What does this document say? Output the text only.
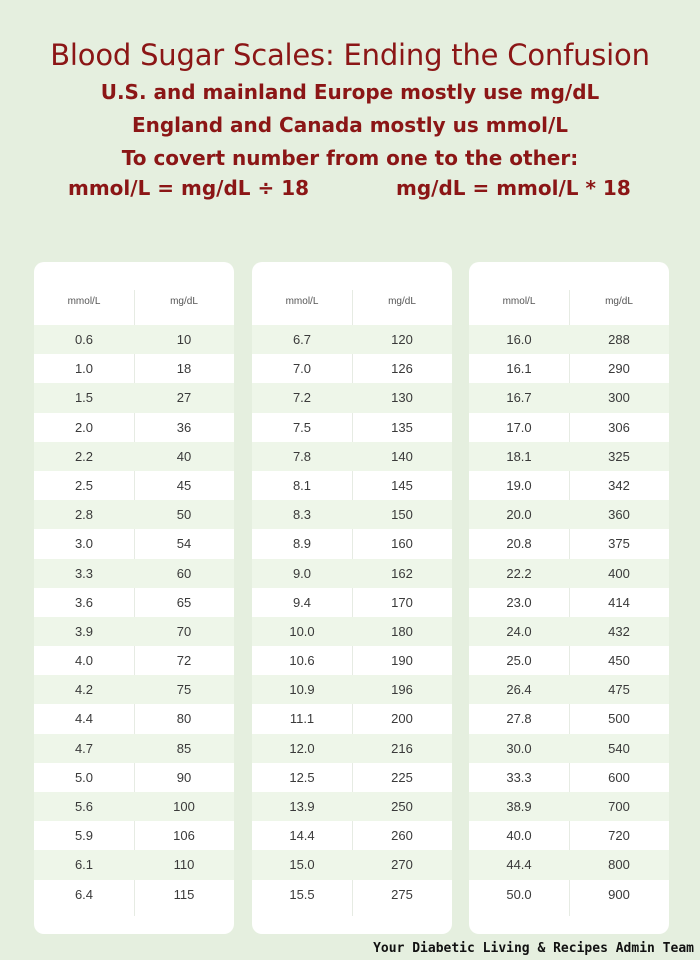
Blood Sugar Scales: Ending the Confusion
U.S. and mainland Europe mostly use mg/dL
England and Canada mostly us mmol/L
To covert number from one to the other:
mmol/L = mg/dL ÷ 18	mg/dL = mmol/L * 18
mmol/L	mg/dL
0.6	10
1.0	18
1.5	27
2.0	36
2.2	40
2.5	45
2.8	50
3.0	54
3.3	60
3.6	65
3.9	70
4.0	72
4.2	75
4.4	80
4.7	85
5.0	90
5.6	100
5.9	106
6.1	110
6.4	115
mmol/L	mg/dL
6.7	120
7.0	126
7.2	130
7.5	135
7.8	140
8.1	145
8.3	150
8.9	160
9.0	162
9.4	170
10.0	180
10.6	190
10.9	196
11.1	200
12.0	216
12.5	225
13.9	250
14.4	260
15.0	270
15.5	275
mmol/L	mg/dL
16.0	288
16.1	290
16.7	300
17.0	306
18.1	325
19.0	342
20.0	360
20.8	375
22.2	400
23.0	414
24.0	432
25.0	450
26.4	475
27.8	500
30.0	540
33.3	600
38.9	700
40.0	720
44.4	800
50.0	900
Your Diabetic Living & Recipes Admin Team
